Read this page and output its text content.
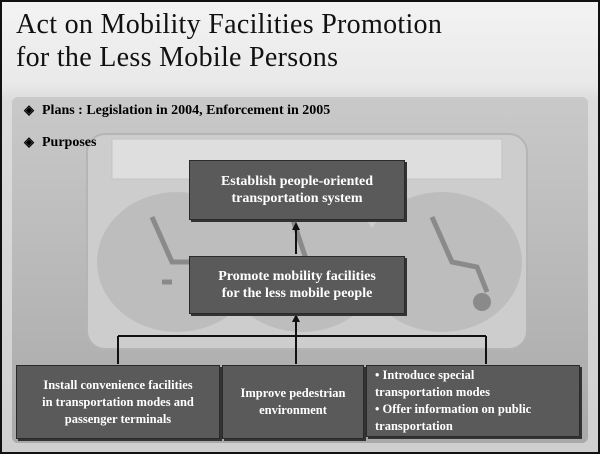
Act on Mobility Facilities Promotion
for the Less Mobile Persons
◈ Plans : Legislation in 2004, Enforcement in 2005
◈ Purposes
Establish people-oriented
transportation system
Promote mobility facilities
for the less mobile people
Install convenience facilities
in transportation modes and
passenger terminals
Improve pedestrian
environment
• Introduce special
transportation modes
• Offer information on public
transportation
